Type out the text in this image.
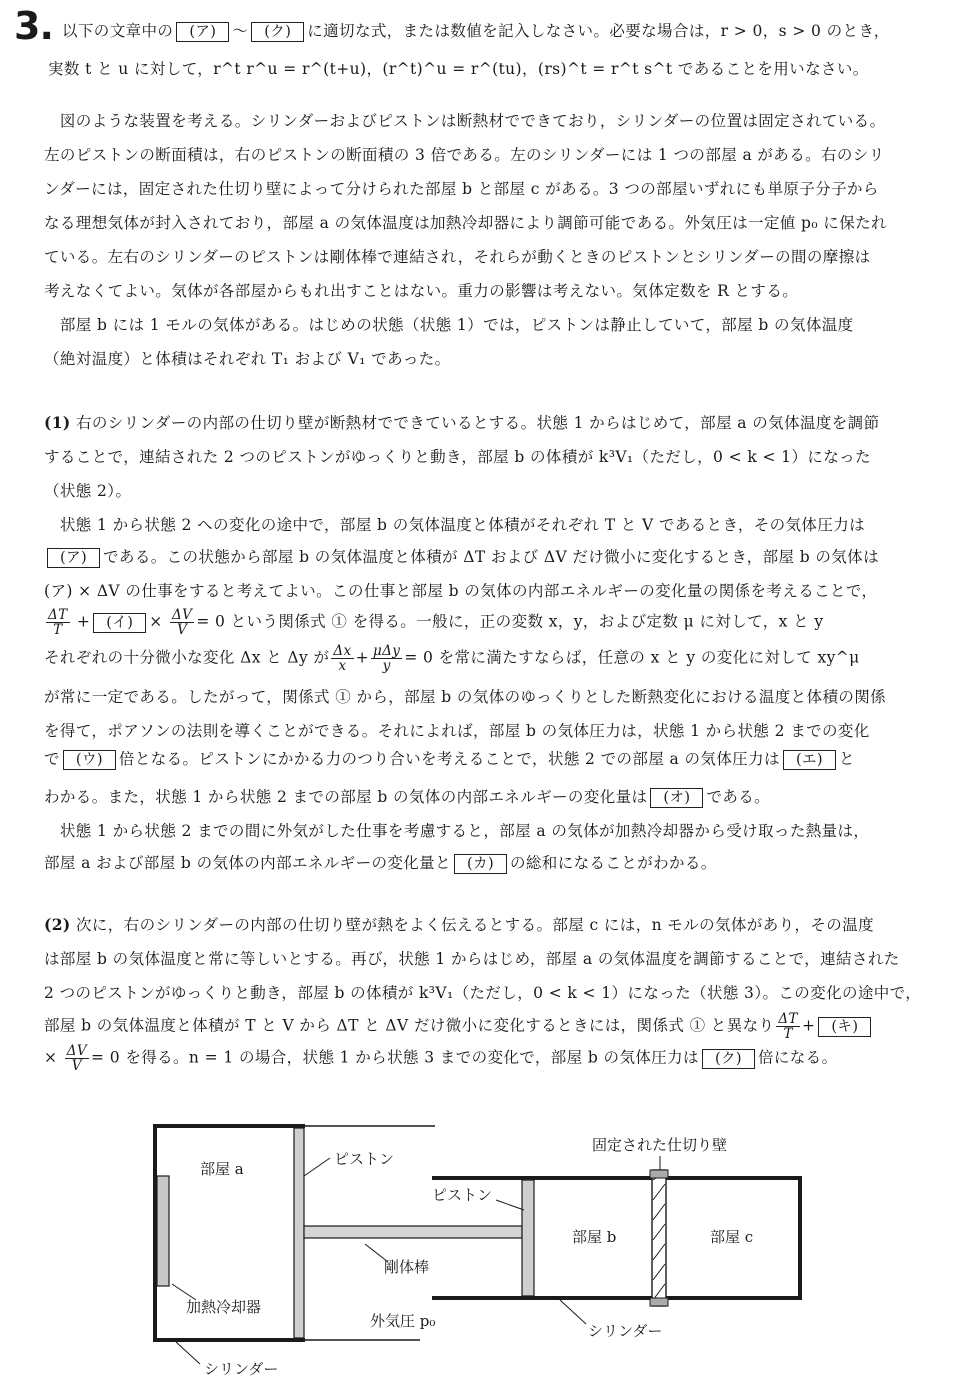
3. 以下の文章中の (ア) 〜 (ク) に適切な式，または数値を記入しなさい。必要な場合は，r > 0，s > 0 のとき，
実数 t と u に対して，r^t r^u = r^(t+u)，(r^t)^u = r^(tu)，(rs)^t = r^t s^t であることを用いなさい。
　図のような装置を考える。シリンダーおよびピストンは断熱材でできており，シリンダーの位置は固定されている。
左のピストンの断面積は，右のピストンの断面積の 3 倍である。左のシリンダーには 1 つの部屋 a がある。右のシリ
ンダーには，固定された仕切り壁によって分けられた部屋 b と部屋 c がある。3 つの部屋いずれにも単原子分子から
なる理想気体が封入されており，部屋 a の気体温度は加熱冷却器により調節可能である。外気圧は一定値 p₀ に保たれ
ている。左右のシリンダーのピストンは剛体棒で連結され，それらが動くときのピストンとシリンダーの間の摩擦は
考えなくてよい。気体が各部屋からもれ出すことはない。重力の影響は考えない。気体定数を R とする。
　部屋 b には 1 モルの気体がある。はじめの状態（状態 1）では，ピストンは静止していて，部屋 b の気体温度
（絶対温度）と体積はそれぞれ T₁ および V₁ であった。
(1) 右のシリンダーの内部の仕切り壁が断熱材でできているとする。状態 1 からはじめて，部屋 a の気体温度を調節
することで，連結された 2 つのピストンがゆっくりと動き，部屋 b の体積が k³V₁（ただし，0 < k < 1）になった
（状態 2）。
　状態 1 から状態 2 への変化の途中で，部屋 b の気体温度と体積がそれぞれ T と V であるとき，その気体圧力は
(ア) である。この状態から部屋 b の気体温度と体積が ΔT および ΔV だけ微小に変化するとき，部屋 b の気体は
(ア) × ΔV の仕事をすると考えてよい。この仕事と部屋 b の気体の内部エネルギーの変化量の関係を考えることで，
$\frac{\Delta T}{T}$ + (イ) × $\frac{\Delta V}{V} = 0$ という関係式 ① を得る。一般に，正の変数 x，y，および定数 μ に対して，x と y
それぞれの十分微小な変化 Δx と Δy が $\frac{\Delta x}{x} + \frac{\text{μΔy}}{y} = 0$ を常に満たすならば，任意の x と y の変化に対して xy^μ
が常に一定である。したがって，関係式 ① から，部屋 b の気体のゆっくりとした断熱変化における温度と体積の関係
を得て，ポアソンの法則を導くことができる。それによれば，部屋 b の気体圧力は，状態 1 から状態 2 までの変化
で (ウ) 倍となる。ピストンにかかる力のつり合いを考えることで，状態 2 での部屋 a の気体圧力は (エ) と
わかる。また，状態 1 から状態 2 までの部屋 b の気体の内部エネルギーの変化量は (オ) である。
　状態 1 から状態 2 までの間に外気がした仕事を考慮すると，部屋 a の気体が加熱冷却器から受け取った熱量は，
部屋 a および部屋 b の気体の内部エネルギーの変化量と (カ) の総和になることがわかる。
(2) 次に，右のシリンダーの内部の仕切り壁が熱をよく伝えるとする。部屋 c には，n モルの気体があり，その温度
は部屋 b の気体温度と常に等しいとする。再び，状態 1 からはじめ，部屋 a の気体温度を調節することで，連結された
2 つのピストンがゆっくりと動き，部屋 b の体積が k³V₁（ただし，0 < k < 1）になった（状態 3）。この変化の途中で，
部屋 b の気体温度と体積が T と V から ΔT と ΔV だけ微小に変化するときには，関係式 ① と異なり $\frac{\Delta T}{T}$ + (キ)
× $\frac{\Delta V}{V} = 0$ を得る。n = 1 の場合，状態 1 から状態 3 までの変化で，部屋 b の気体圧力は (ク) 倍になる。
部屋 a
ピストン
ピストン
固定された仕切り壁
部屋 b	部屋 c
剛体棒
加熱冷却器
外気圧 p₀
シリンダー
シリンダー
